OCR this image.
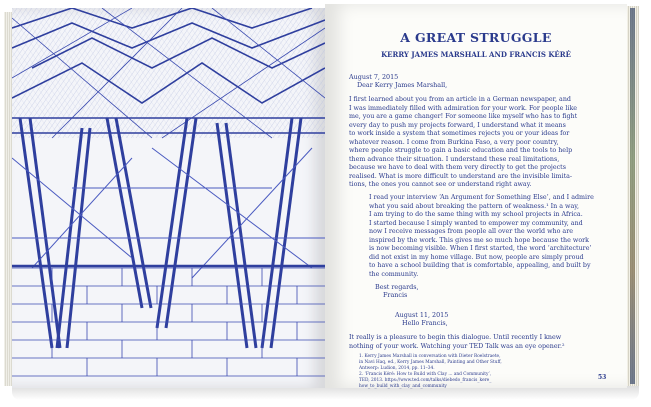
A GREAT STRUGGLE
KERRY JAMES MARSHALL AND FRANCIS KÉRÉ

August 7, 2015

Dear Kerry James Marshall,

I first learned about you from an article in a German newspaper, and
I was immediately filled with admiration for your work. For people like
me, you are a game changer! For someone like myself who has to fight
every day to push my projects forward, I understand what it means
to work inside a system that sometimes rejects you or your ideas for
whatever reason. I come from Burkina Faso, a very poor country,
where people struggle to gain a basic education and the tools to help
them advance their situation. I understand these real limitations,
because we have to deal with them very directly to get the projects
realised. What is more difficult to understand are the invisible limita-
tions, the ones you cannot see or understand right away.

I read your interview ‘An Argument for Something Else’, and I admire
what you said about breaking the pattern of weakness.¹ In a way,
I am trying to do the same thing with my school projects in Africa.
I started because I simply wanted to empower my community, and
now I receive messages from people all over the world who are
inspired by the work. This gives me so much hope because the work
is now becoming visible. When I first started, the word ‘architecture’
did not exist in my home village. But now, people are simply proud
to have a school building that is comfortable, appealing, and built by
the community.

Best regards,

Francis

August 11, 2015

Hello Francis,

It really is a pleasure to begin this dialogue. Until recently I knew
nothing of your work. Watching your TED Talk was an eye opener.²

1. Kerry James Marshall in conversation with Dieter Roelstraete,
in Navi Haq, ed., Kerry James Marshall, Painting and Other Stuff,
Antwerp: Ludion, 2014, pp. 11–34.
2. ‘Francis Kéré: How to Build with Clay ... and Community’,
TED, 2013. https://www.ted.com/talks/diebedo_francis_kere_
how_to_build_with_clay_and_community

53
